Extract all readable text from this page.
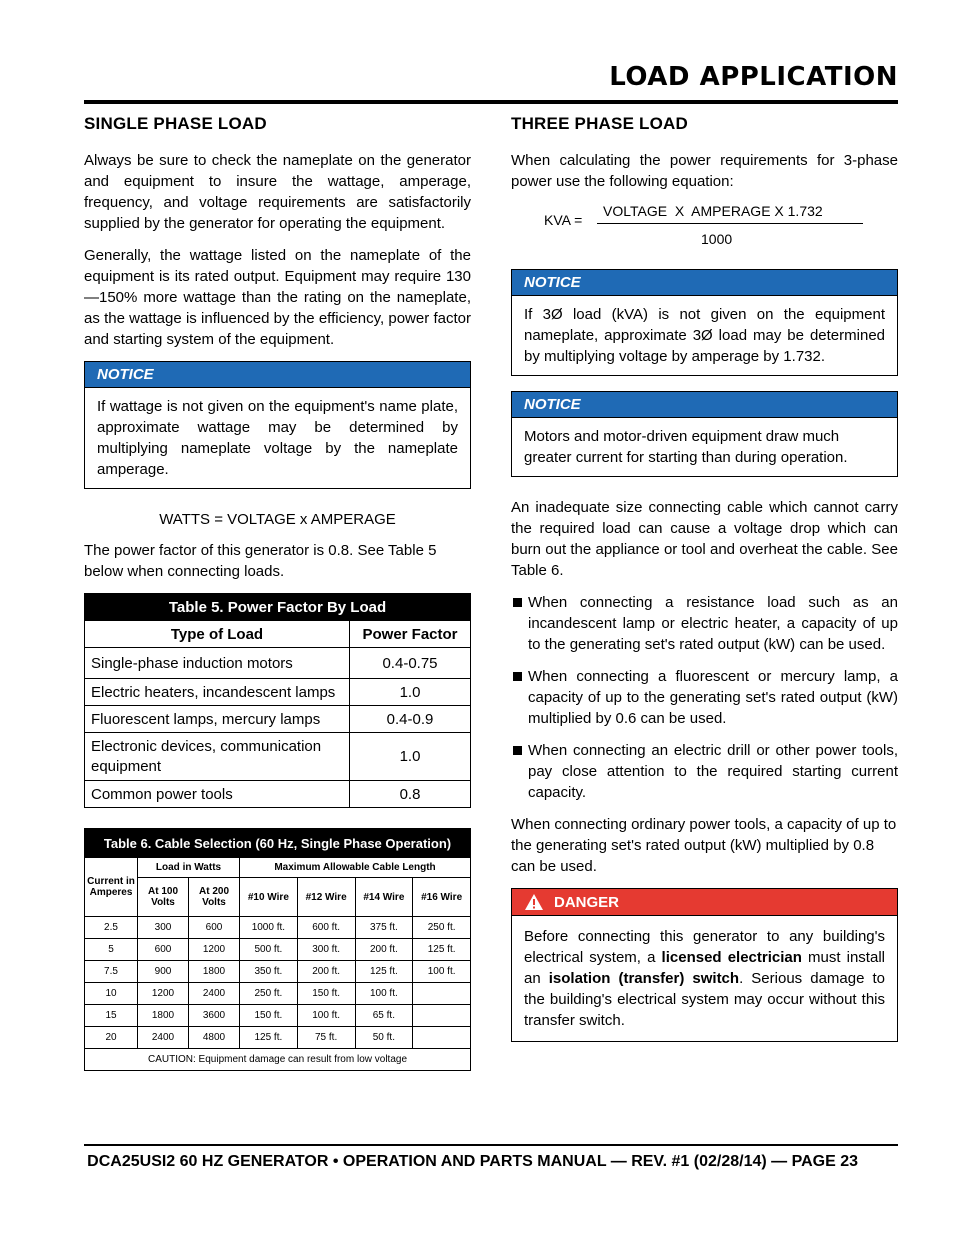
LOAD APPLICATION
SINGLE PHASE LOAD

Always be sure to check the nameplate on the generator and equipment to insure the wattage, amperage, frequency, and voltage requirements are satisfactorily supplied by the generator for operating the equipment.

Generally, the wattage listed on the nameplate of the equipment is its rated output. Equipment may require 130—150% more wattage than the rating on the nameplate, as the wattage is influenced by the efficiency, power factor and starting system of the equipment.

NOTICE
If wattage is not given on the equipment's name plate, approximate wattage may be determined by multiplying nameplate voltage by the nameplate amperage.
WATTS = VOLTAGE x AMPERAGE

The power factor of this generator is 0.8. See Table 5 below when connecting loads.

Table 5. Power Factor By Load	
Type of Load	Power Factor
Single-phase induction motors	0.4-0.75
Electric heaters, incandescent lamps	1.0
Fluorescent lamps, mercury lamps	0.4-0.9
Electronic devices, communication equipment	1.0
Common power tools	0.8
Table 6. Cable Selection (60 Hz, Single Phase Operation)						
Current in Amperes	Load in Watts		Maximum Allowable Cable Length			
	At 100 Volts	At 200 Volts	#10 Wire	#12 Wire	#14 Wire	#16 Wire
2.5	300	600	1000 ft.	600 ft.	375 ft.	250 ft.
5	600	1200	500 ft.	300 ft.	200 ft.	125 ft.
7.5	900	1800	350 ft.	200 ft.	125 ft.	100 ft.
10	1200	2400	250 ft.	150 ft.	100 ft.	
15	1800	3600	150 ft.	100 ft.	65 ft.	
20	2400	4800	125 ft.	75 ft.	50 ft.	
CAUTION: Equipment damage can result from low voltage						
THREE PHASE LOAD

When calculating the power requirements for 3-phase power use the following equation:

KVA =
VOLTAGE  X  AMPERAGE X 1.732
1000
NOTICE
If 3Ø load (kVA) is not given on the equipment nameplate, approximate 3Ø load may be determined by multiplying voltage by amperage by 1.732.
NOTICE
Motors and motor-driven equipment draw much greater current for starting than during operation.

An inadequate size connecting cable which cannot carry the required load can cause a voltage drop which can burn out the appliance or tool and overheat the cable. See Table 6.

When connecting a resistance load such as an incandescent lamp or electric heater, a capacity of up to the generating set's rated output (kW) can be used.
When connecting a fluorescent or mercury lamp, a capacity of up to the generating set's rated output (kW) multiplied by 0.6 can be used.
When connecting an electric drill or other power tools, pay close attention to the required starting current capacity.

When connecting ordinary power tools, a capacity of up to the generating set's rated output (kW) multiplied by 0.8 can be used.

DANGER
Before connecting this generator to any building's electrical system, a licensed electrician must install an isolation (transfer) switch. Serious damage to the building's electrical system may occur without this transfer switch.
DCA25USI2 60 HZ GENERATOR • OPERATION AND PARTS MANUAL — REV. #1 (02/28/14) — PAGE 23
